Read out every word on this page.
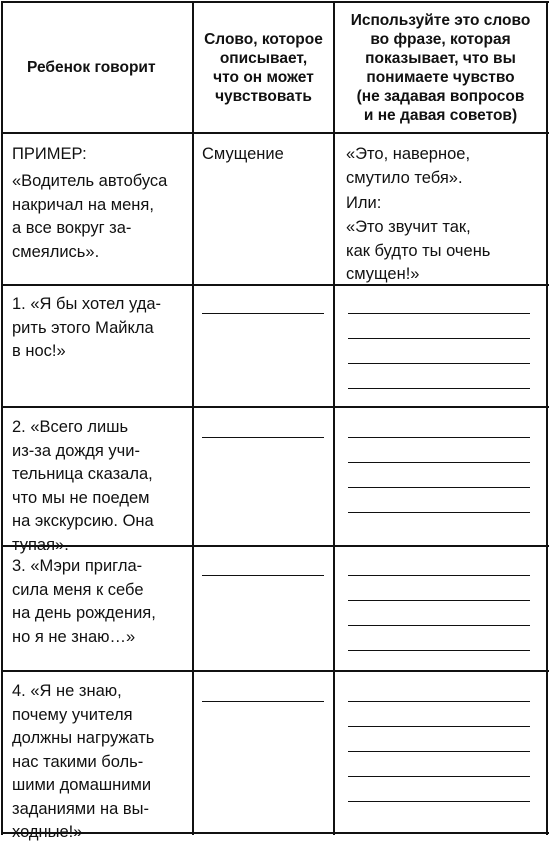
Ребенок говорит
Слово, которое
описывает,
что он может
чувствовать
Используйте это слово
во фразе, которая
показывает, что вы
понимаете чувство
(не задавая вопросов
и не давая советов)
ПРИМЕР:
«Водитель автобуса
накричал на меня,
а все вокруг за-
смеялись».
Смущение	«Это, наверное,
смутило тебя».
Или:
«Это звучит так,
как будто ты очень
смущен!»
1. «Я бы хотел уда-
рить этого Майкла
в нос!»
2. «Всего лишь
из-за дождя учи-
тельница сказала,
что мы не поедем
на экскурсию. Она
тупая».
3. «Мэри пригла-
сила меня к себе
на день рождения,
но я не знаю…»
4. «Я не знаю,
почему учителя
должны нагружать
нас такими боль-
шими домашними
заданиями на вы-
ходные!»
